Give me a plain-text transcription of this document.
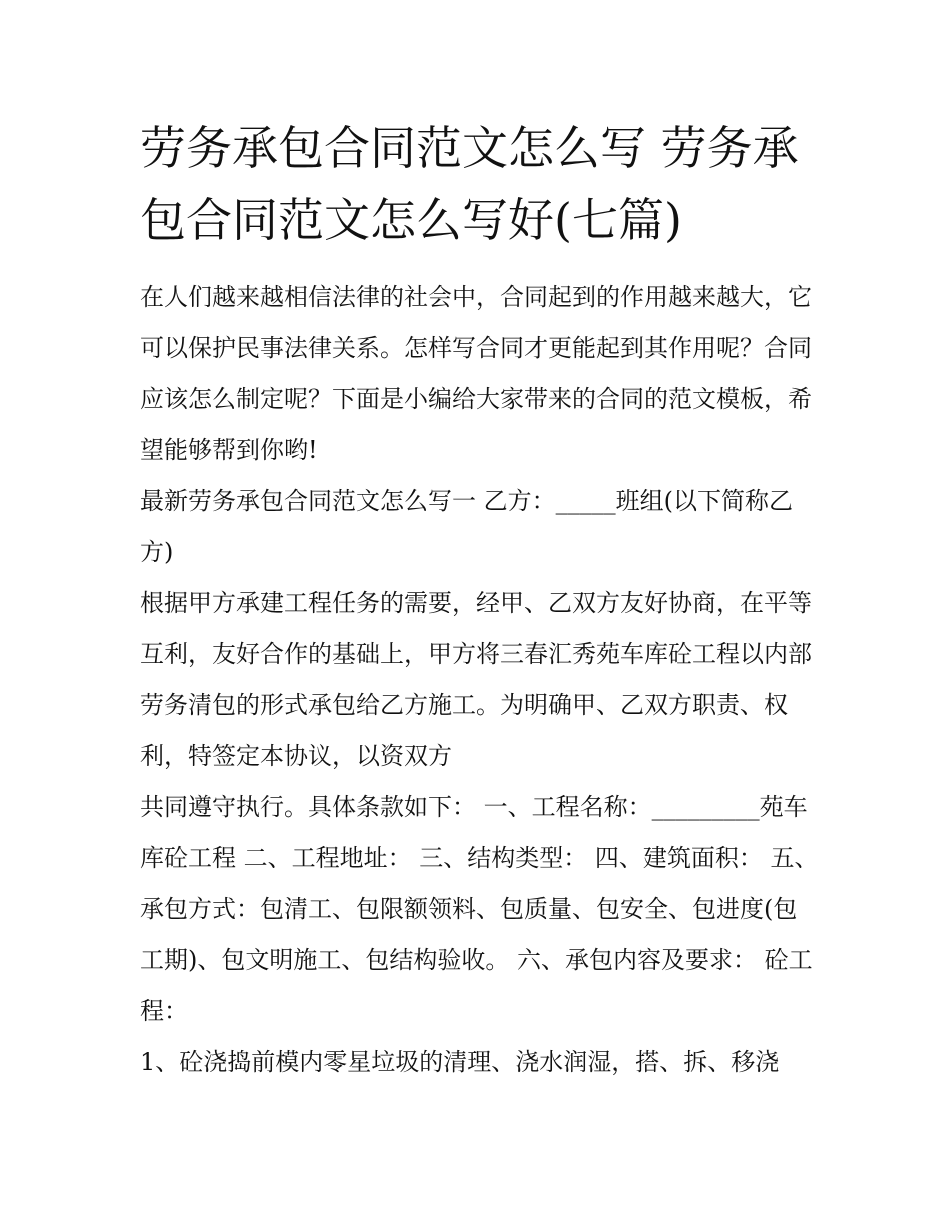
劳务承包合同范文怎么写 劳务承包合同范文怎么写好(七篇)

在人们越来越相信法律的社会中，合同起到的作用越来越大，它可以保护民事法律关系。怎样写合同才更能起到其作用呢？合同应该怎么制定呢？下面是小编给大家带来的合同的范文模板，希望能够帮到你哟!

最新劳务承包合同范文怎么写一 乙方：_____班组(以下简称乙方)

根据甲方承建工程任务的需要，经甲、乙双方友好协商，在平等互利，友好合作的基础上，甲方将三春汇秀苑车库砼工程以内部劳务清包的形式承包给乙方施工。为明确甲、乙双方职责、权利，特签定本协议，以资双方

共同遵守执行。具体条款如下： 一、工程名称：_________苑车库砼工程 二、工程地址： 三、结构类型： 四、建筑面积： 五、承包方式：包清工、包限额领料、包质量、包安全、包进度(包工期)、包文明施工、包结构验收。 六、承包内容及要求： 砼工程：

1、砼浇捣前模内零星垃圾的清理、浇水润湿，搭、拆、移浇
